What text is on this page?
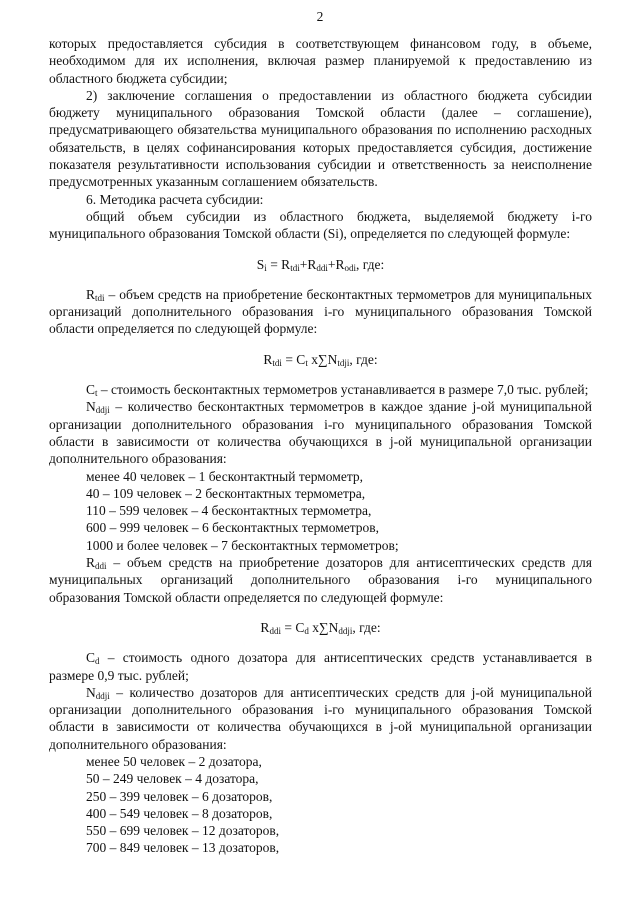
2

которых предоставляется субсидия в соответствующем финансовом году, в объеме, необходимом для их исполнения, включая размер планируемой к предоставлению из областного бюджета субсидии;

2) заключение соглашения о предоставлении из областного бюджета субсидии бюджету муниципального образования Томской области (далее – соглашение), предусматривающего обязательства муниципального образования по исполнению расходных обязательств, в целях софинансирования которых предоставляется субсидия, достижение показателя результативности использования субсидии и ответственность за неисполнение предусмотренных указанным соглашением обязательств.

6. Методика расчета субсидии:

общий объем субсидии из областного бюджета, выделяемой бюджету i-го муниципального образования Томской области (Si), определяется по следующей формуле:

$S_i = R_{tdi}+R_{ddi}+R_{odi}$, где:

$R_{tdi}$ – объем средств на приобретение бесконтактных термометров для муниципальных организаций дополнительного образования i-го муниципального образования Томской области определяется по следующей формуле:

$R_{tdi} = C_t$ $x\sum N_{tdji}$, где:

$C_t$ – стоимость бесконтактных термометров устанавливается в размере 7,0 тыс. рублей;

$N_{ddji}$ – количество бесконтактных термометров в каждое здание j-ой муниципальной организации дополнительного образования i-го муниципального образования Томской области в зависимости от количества обучающихся в j-ой муниципальной организации дополнительного образования:

менее 40 человек – 1 бесконтактный термометр,

40 – 109 человек – 2 бесконтактных термометра,

110 – 599 человек – 4 бесконтактных термометра,

600 – 999 человек – 6 бесконтактных термометров,

1000 и более человек – 7 бесконтактных термометров;

$R_{ddi}$ – объем средств на приобретение дозаторов для антисептических средств для муниципальных организаций дополнительного образования i-го муниципального образования Томской области определяется по следующей формуле:

$R_{ddi} = C_d$ $x\sum N_{ddji}$, где:

$C_d$ – стоимость одного дозатора для антисептических средств устанавливается в размере 0,9 тыс. рублей;

$N_{ddji}$ – количество дозаторов для антисептических средств для j-ой муниципальной организации дополнительного образования i-го муниципального образования Томской области в зависимости от количества обучающихся в j-ой муниципальной организации дополнительного образования:

менее 50 человек – 2 дозатора,

50 – 249 человек – 4 дозатора,

250 – 399 человек – 6 дозаторов,

400 – 549 человек – 8 дозаторов,

550 – 699 человек – 12 дозаторов,

700 – 849 человек – 13 дозаторов,
